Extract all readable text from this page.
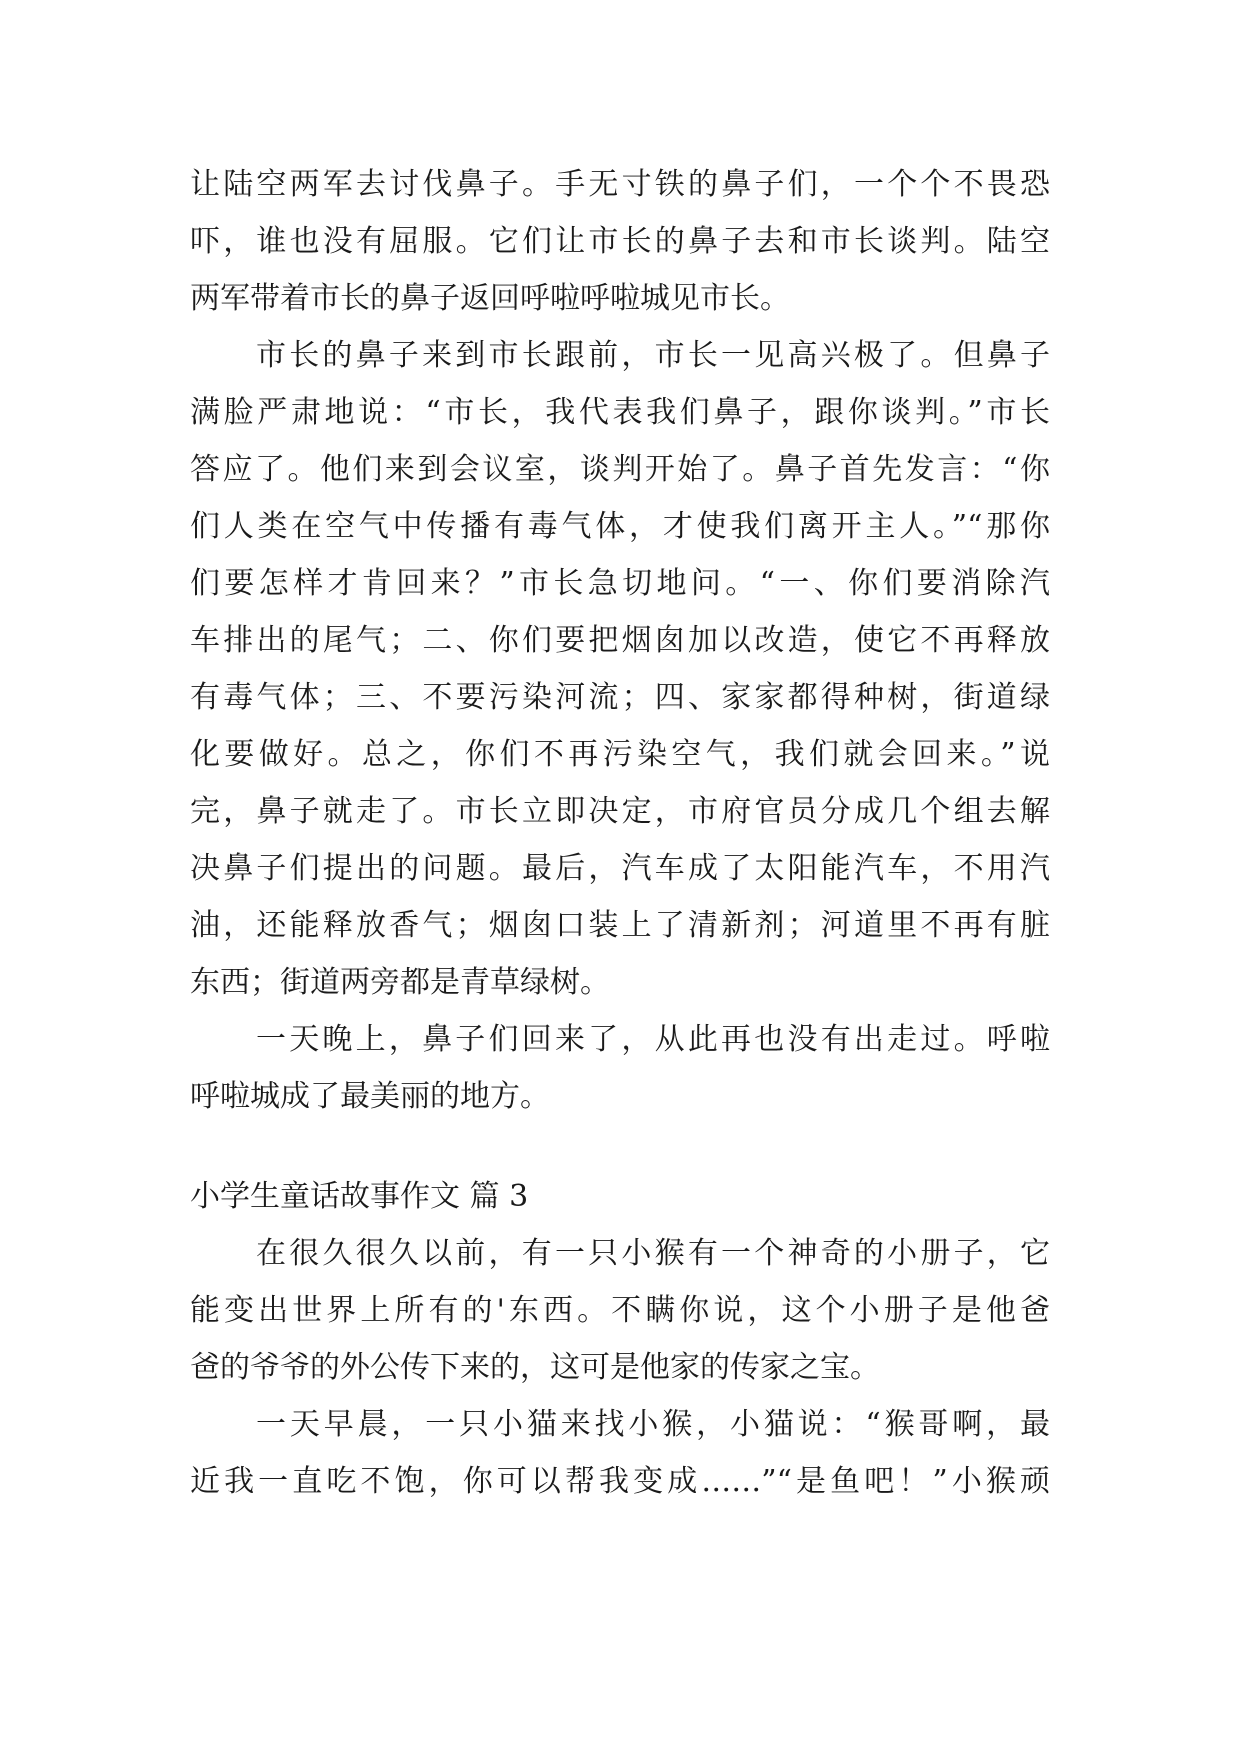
让陆空两军去讨伐鼻子。手无寸铁的鼻子们，一个个不畏恐
吓，谁也没有屈服。它们让市长的鼻子去和市长谈判。陆空
两军带着市长的鼻子返回呼啦呼啦城见市长。
市长的鼻子来到市长跟前，市长一见高兴极了。但鼻子
满脸严肃地说：“市长，我代表我们鼻子，跟你谈判。”市长
答应了。他们来到会议室，谈判开始了。鼻子首先发言：“你
们人类在空气中传播有毒气体，才使我们离开主人。”“那你
们要怎样才肯回来？”市长急切地问。“一、你们要消除汽
车排出的尾气；二、你们要把烟囱加以改造，使它不再释放
有毒气体；三、不要污染河流；四、家家都得种树，街道绿
化要做好。总之，你们不再污染空气，我们就会回来。”说
完，鼻子就走了。市长立即决定，市府官员分成几个组去解
决鼻子们提出的问题。最后，汽车成了太阳能汽车，不用汽
油，还能释放香气；烟囱口装上了清新剂；河道里不再有脏
东西；街道两旁都是青草绿树。
一天晚上，鼻子们回来了，从此再也没有出走过。呼啦
呼啦城成了最美丽的地方。
小学生童话故事作文 篇 3
在很久很久以前，有一只小猴有一个神奇的小册子，它
能变出世界上所有的'东西。不瞒你说，这个小册子是他爸
爸的爷爷的外公传下来的，这可是他家的传家之宝。
一天早晨，一只小猫来找小猴，小猫说：“猴哥啊，最
近我一直吃不饱，你可以帮我变成……”“是鱼吧！”小猴顽
